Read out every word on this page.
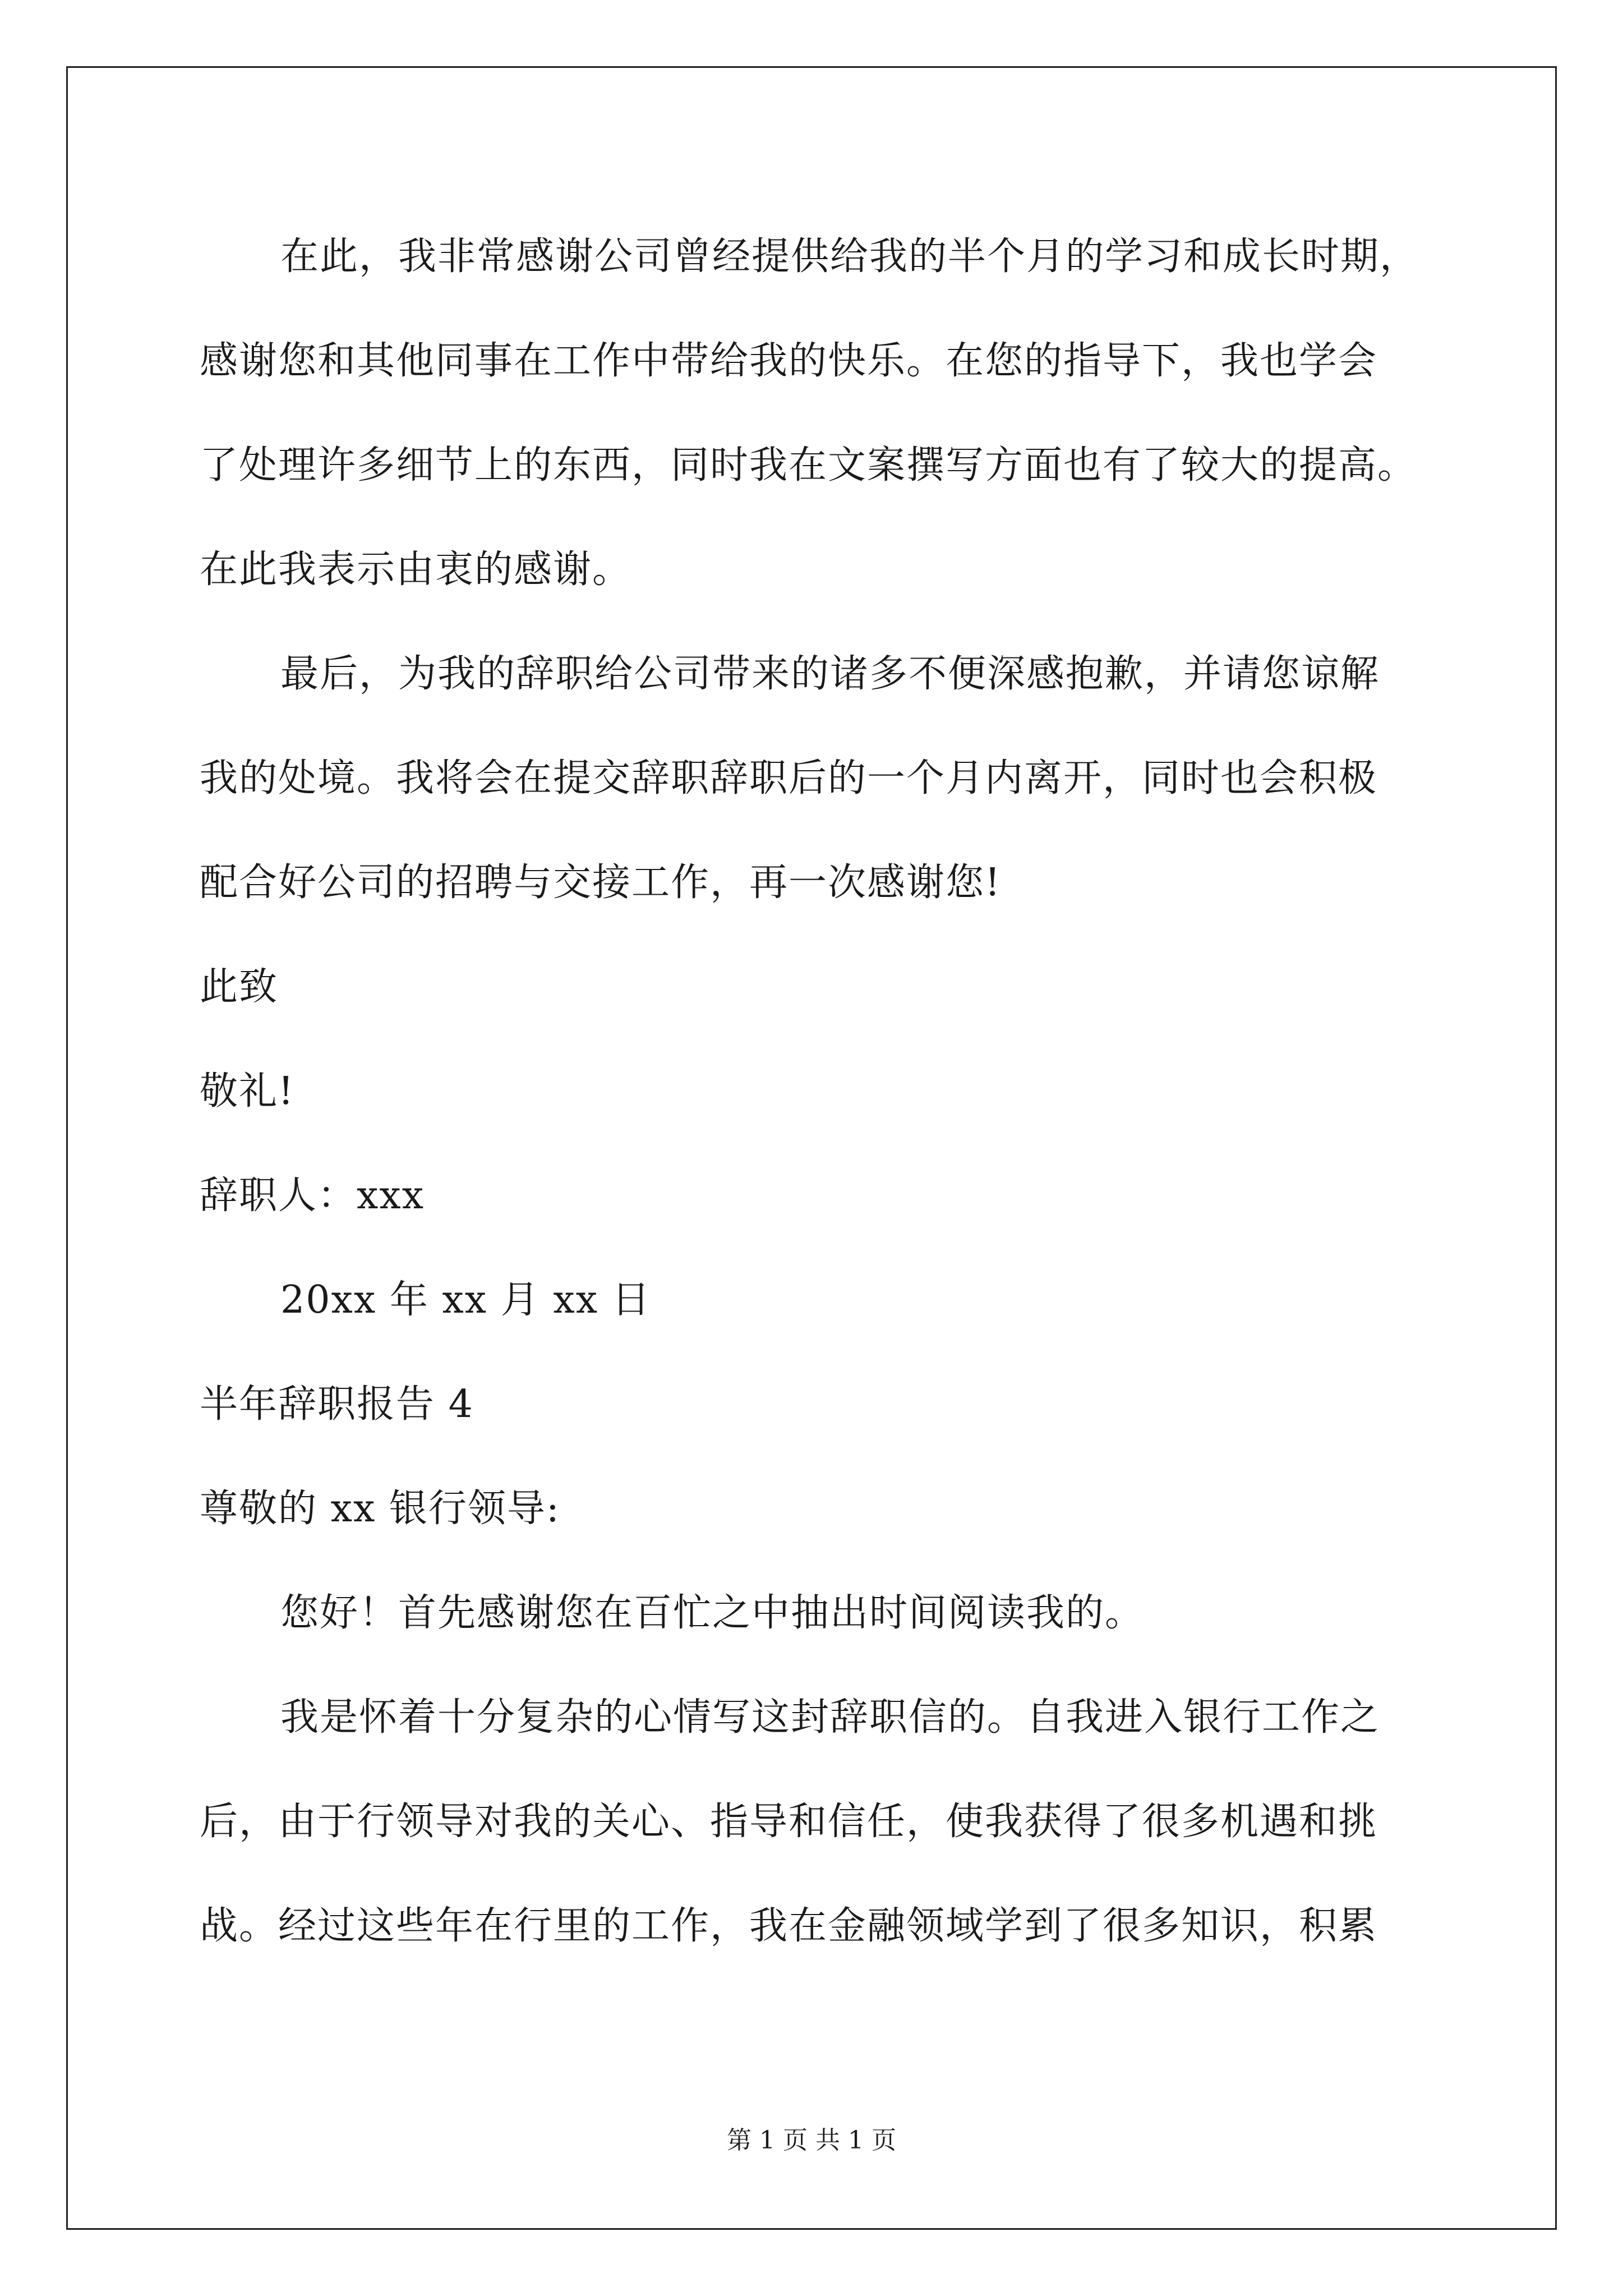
在此，我非常感谢公司曾经提供给我的半个月的学习和成长时期，
感谢您和其他同事在工作中带给我的快乐。在您的指导下，我也学会
了处理许多细节上的东西，同时我在文案撰写方面也有了较大的提高。
在此我表示由衷的感谢。
最后，为我的辞职给公司带来的诸多不便深感抱歉，并请您谅解
我的处境。我将会在提交辞职辞职后的一个月内离开，同时也会积极
配合好公司的招聘与交接工作，再一次感谢您!
此致
敬礼!
辞职人：xxx
20xx 年 xx 月 xx 日
半年辞职报告 4
尊敬的 xx 银行领导:
您好！首先感谢您在百忙之中抽出时间阅读我的。
我是怀着十分复杂的心情写这封辞职信的。自我进入银行工作之
后，由于行领导对我的关心、指导和信任，使我获得了很多机遇和挑
战。经过这些年在行里的工作，我在金融领域学到了很多知识，积累
第 1 页 共 1 页
